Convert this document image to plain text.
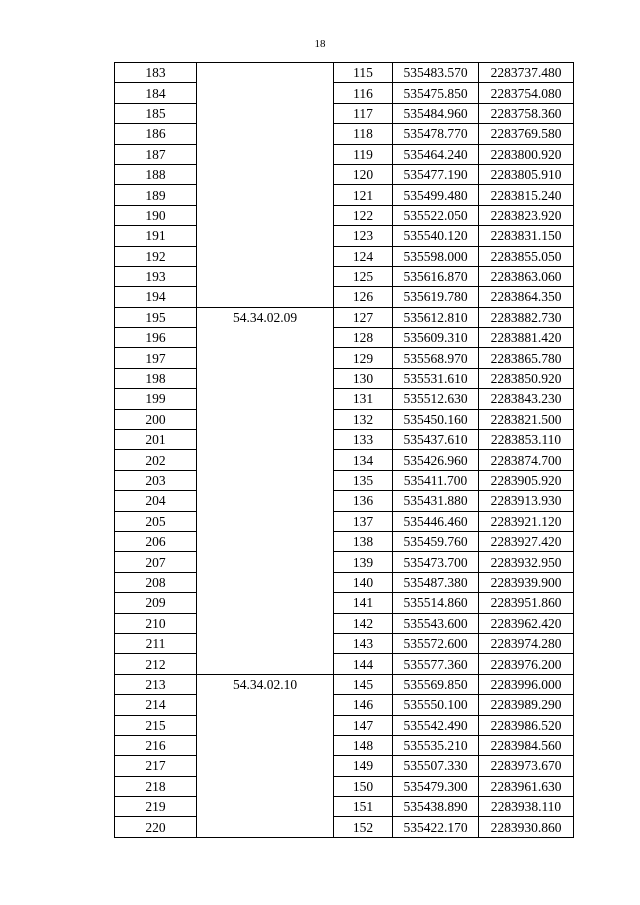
18
183		115	535483.570	2283737.480
184		116	535475.850	2283754.080
185		117	535484.960	2283758.360
186		118	535478.770	2283769.580
187		119	535464.240	2283800.920
188		120	535477.190	2283805.910
189		121	535499.480	2283815.240
190		122	535522.050	2283823.920
191		123	535540.120	2283831.150
192		124	535598.000	2283855.050
193		125	535616.870	2283863.060
194		126	535619.780	2283864.350
195	54.34.02.09	127	535612.810	2283882.730
196		128	535609.310	2283881.420
197		129	535568.970	2283865.780
198		130	535531.610	2283850.920
199		131	535512.630	2283843.230
200		132	535450.160	2283821.500
201		133	535437.610	2283853.110
202		134	535426.960	2283874.700
203		135	535411.700	2283905.920
204		136	535431.880	2283913.930
205		137	535446.460	2283921.120
206		138	535459.760	2283927.420
207		139	535473.700	2283932.950
208		140	535487.380	2283939.900
209		141	535514.860	2283951.860
210		142	535543.600	2283962.420
211		143	535572.600	2283974.280
212		144	535577.360	2283976.200
213	54.34.02.10	145	535569.850	2283996.000
214		146	535550.100	2283989.290
215		147	535542.490	2283986.520
216		148	535535.210	2283984.560
217		149	535507.330	2283973.670
218		150	535479.300	2283961.630
219		151	535438.890	2283938.110
220		152	535422.170	2283930.860
